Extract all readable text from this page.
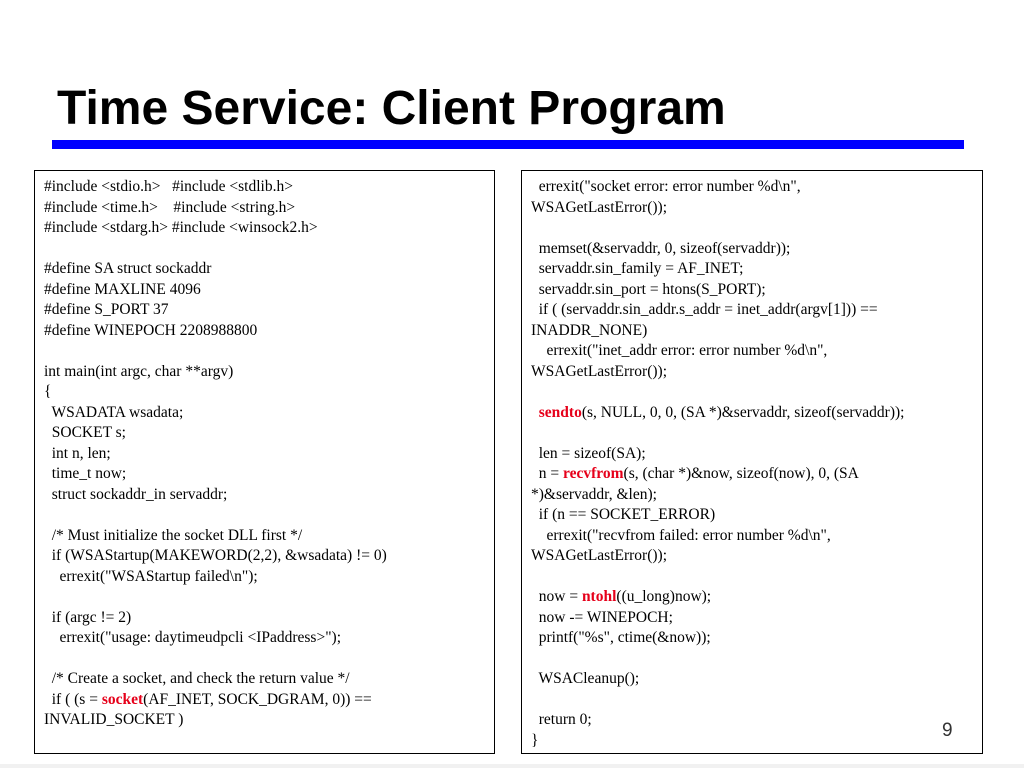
Time Service: Client Program
#include <stdio.h>   #include <stdlib.h>
#include <time.h>    #include <string.h>
#include <stdarg.h> #include <winsock2.h>
#define SA struct sockaddr
#define MAXLINE 4096
#define S_PORT 37
#define WINEPOCH 2208988800
int main(int argc, char **argv)
{
WSADATA wsadata;
SOCKET s;
int n, len;
time_t now;
struct sockaddr_in servaddr;
/* Must initialize the socket DLL first */
if (WSAStartup(MAKEWORD(2,2), &wsadata) != 0)
errexit("WSAStartup failed\n");
if (argc != 2)
errexit("usage: daytimeudpcli <IPaddress>");
/* Create a socket, and check the return value */
if ( (s = socket(AF_INET, SOCK_DGRAM, 0)) ==
INVALID_SOCKET )
errexit("socket error: error number %d\n",
WSAGetLastError());
memset(&servaddr, 0, sizeof(servaddr));
servaddr.sin_family = AF_INET;
servaddr.sin_port = htons(S_PORT);
if ( (servaddr.sin_addr.s_addr = inet_addr(argv[1])) ==
INADDR_NONE)
errexit("inet_addr error: error number %d\n",
WSAGetLastError());
sendto(s, NULL, 0, 0, (SA *)&servaddr, sizeof(servaddr));
len = sizeof(SA);
n = recvfrom(s, (char *)&now, sizeof(now), 0, (SA
*)&servaddr, &len);
if (n == SOCKET_ERROR)
errexit("recvfrom failed: error number %d\n",
WSAGetLastError());
now = ntohl((u_long)now);
now -= WINEPOCH;
printf("%s", ctime(&now));
WSACleanup();
return 0;
}	9
